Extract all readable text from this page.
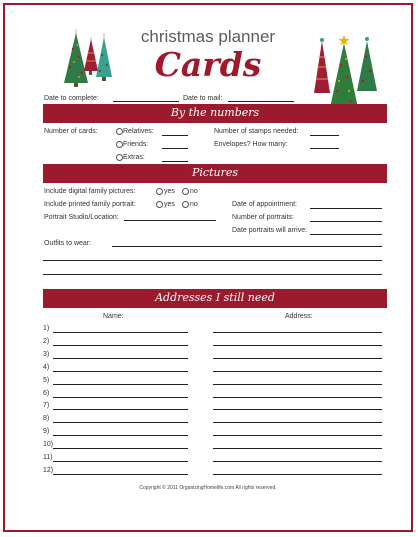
christmas planner
Cards
Date to complete:	Date to mail:
By the numbers
Number of cards:	Relatives:
Friends:
Extras:
Number of stamps needed:
Envelopes? How many:
Pictures
Include digital family pictures:	yes no
Include printed family portrait:	yes no
Portrait Studio/Location:
Date of appointment:
Number of portraits:
Date portraits will arrive:
Outfits to wear:
Addresses I still need
Name:	Address:
1)
2)
3)
4)
5)
6)
7)
8)
9)
10)
11)
12)
Copyright © 2011 OrganizingHomelife.com All rights reserved.
